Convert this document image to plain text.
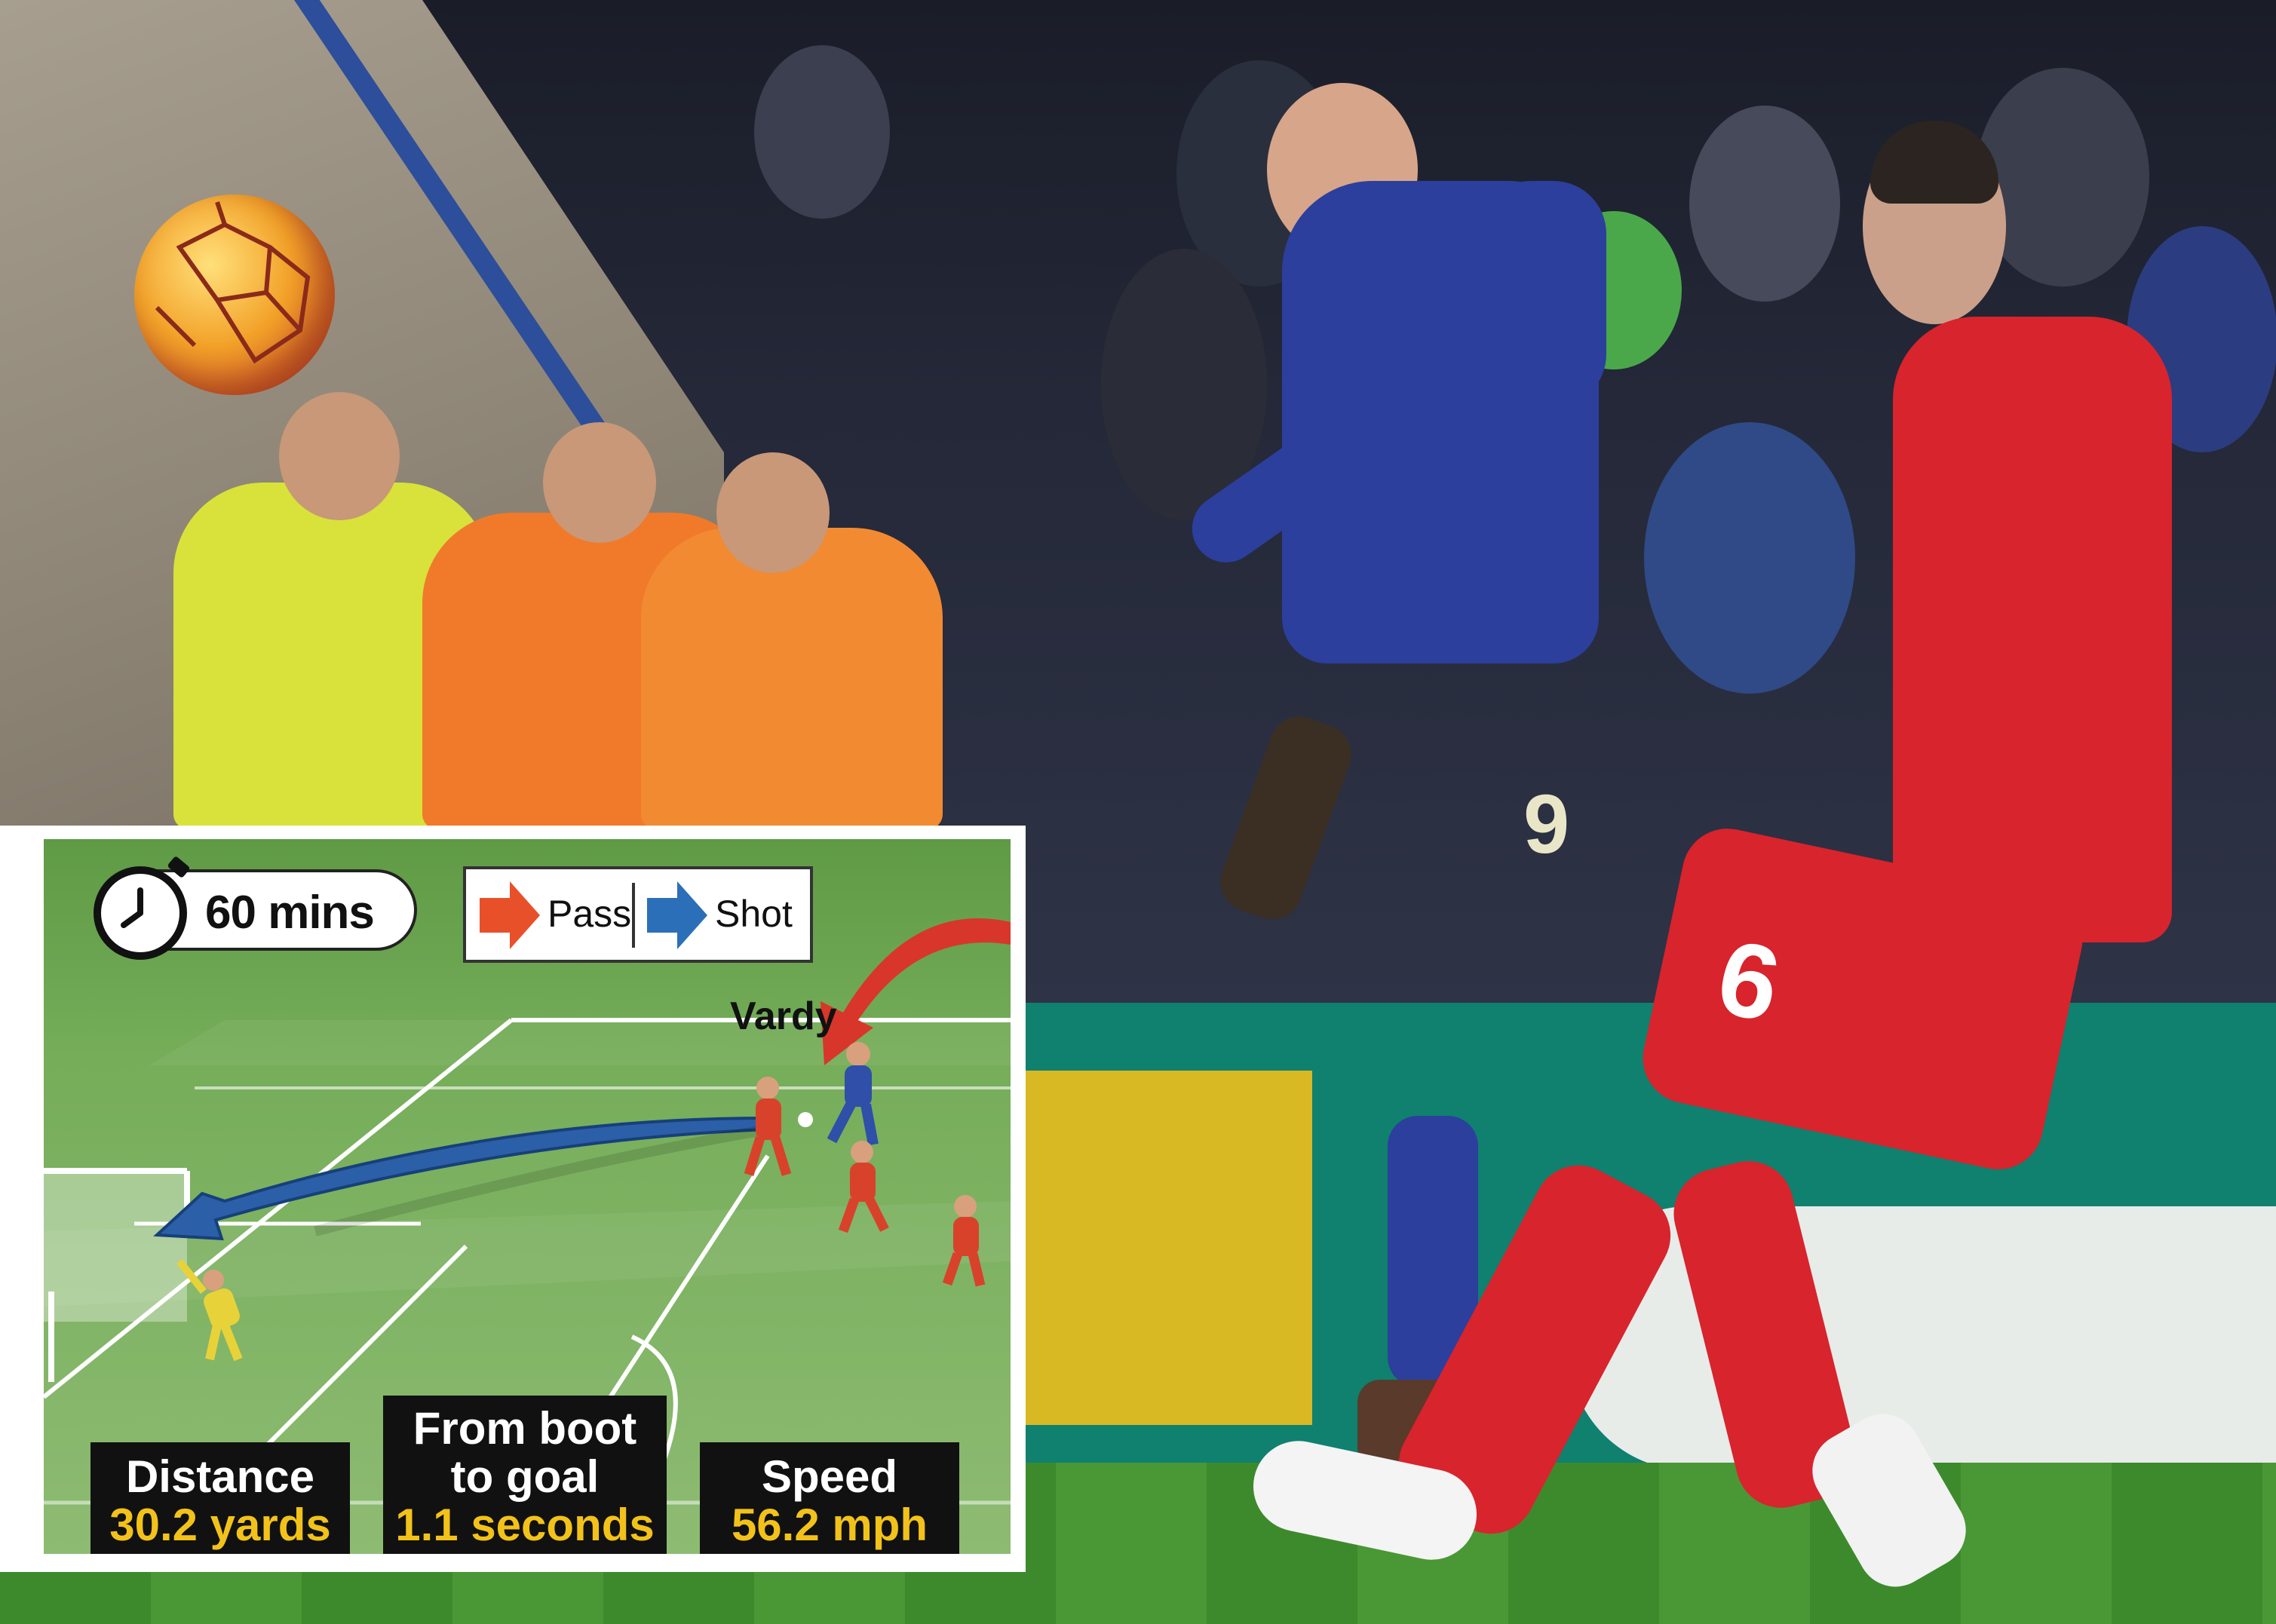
9
6
60 mins	Pass Shot
Vardy
Distance
30.2 yards
From boot
to goal
1.1 seconds
Speed
56.2 mph
